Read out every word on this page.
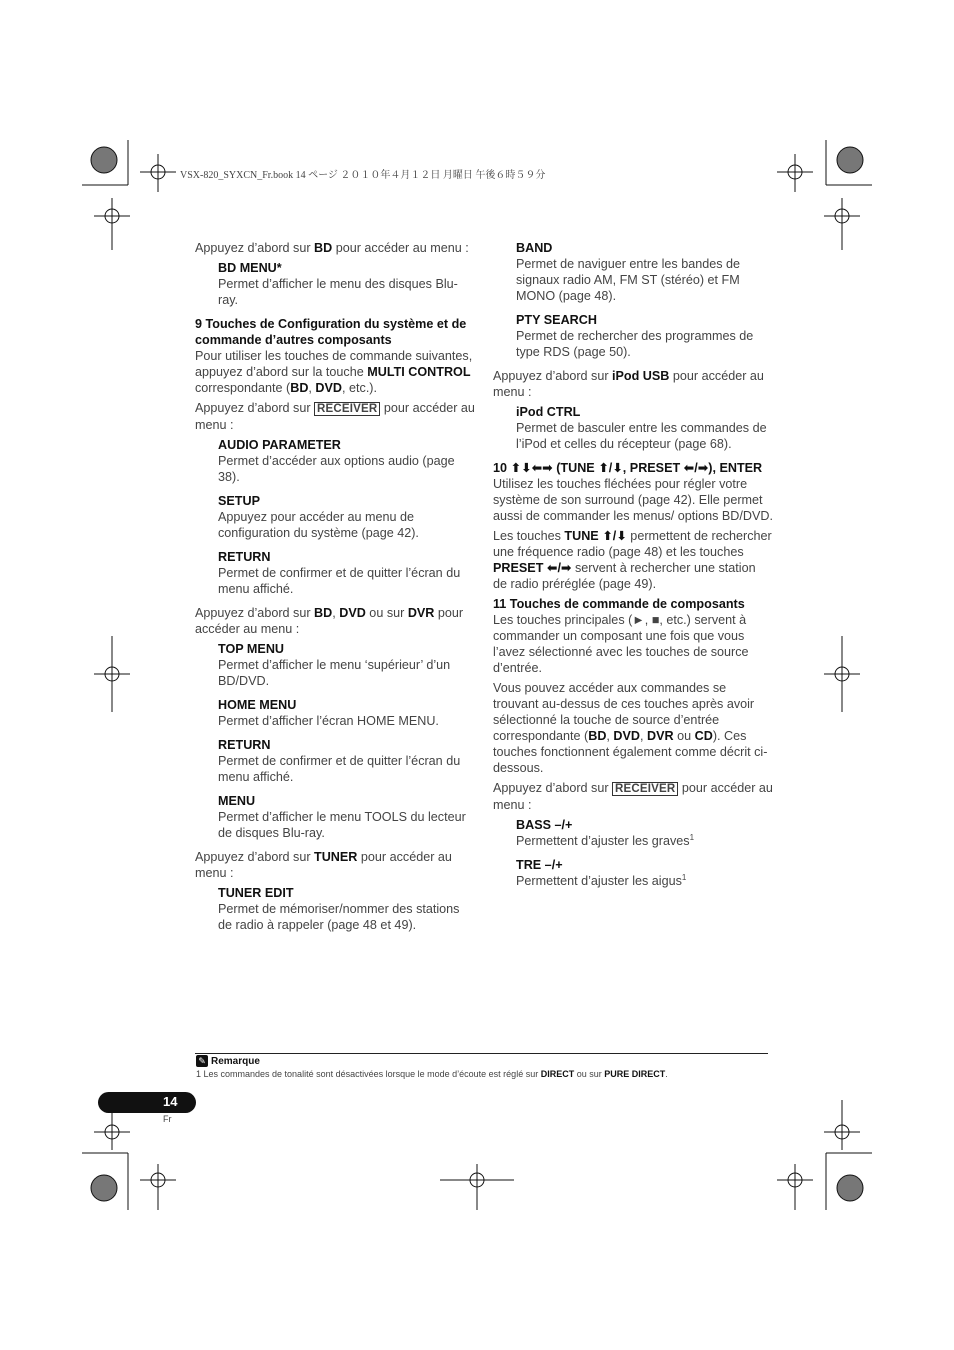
VSX-820_SYXCN_Fr.book 14 ページ ２０１０年４月１２日 月曜日 午後６時５９分

Appuyez d’abord sur BD pour accéder au menu :

BD MENU*
Permet d’afficher le menu des disques Blu-ray.

9 Touches de Configuration du système et de commande d’autres composants

Pour utiliser les touches de commande suivantes, appuyez d’abord sur la touche MULTI CONTROL correspondante (BD, DVD, etc.).

Appuyez d’abord sur RECEIVER pour accéder au menu :

AUDIO PARAMETER
Permet d’accéder aux options audio (page 38).
SETUP
Appuyez pour accéder au menu de configuration du système (page 42).
RETURN
Permet de confirmer et de quitter l’écran du menu affiché.

Appuyez d’abord sur BD, DVD ou sur DVR pour accéder au menu :

TOP MENU
Permet d’afficher le menu ‘supérieur’ d’un BD/DVD.
HOME MENU
Permet d’afficher l’écran HOME MENU.
RETURN
Permet de confirmer et de quitter l’écran du menu affiché.
MENU
Permet d’afficher le menu TOOLS du lecteur de disques Blu-ray.

Appuyez d’abord sur TUNER pour accéder au menu :

TUNER EDIT
Permet de mémoriser/nommer des stations de radio à rappeler (page 48 et 49).
BAND
Permet de naviguer entre les bandes de signaux radio AM, FM ST (stéréo) et FM MONO (page 48).
PTY SEARCH
Permet de rechercher des programmes de type RDS (page 50).

Appuyez d’abord sur iPod USB pour accéder au menu :

iPod CTRL
Permet de basculer entre les commandes de l’iPod et celles du récepteur (page 68).

10 ⬆⬇⬅➡ (TUNE ⬆/⬇, PRESET ⬅/➡), ENTER

Utilisez les touches fléchées pour régler votre système de son surround (page 42). Elle permet aussi de commander les menus/ options BD/DVD.

Les touches TUNE ⬆/⬇ permettent de rechercher une fréquence radio (page 48) et les touches PRESET ⬅/➡ servent à rechercher une station de radio préréglée (page 49).

11 Touches de commande de composants

Les touches principales (►, ■, etc.) servent à commander un composant une fois que vous l’avez sélectionné avec les touches de source d’entrée.

Vous pouvez accéder aux commandes se trouvant au-dessus de ces touches après avoir sélectionné la touche de source d’entrée correspondante (BD, DVD, DVR ou CD). Ces touches fonctionnent également comme décrit ci-dessous.

Appuyez d’abord sur RECEIVER pour accéder au menu :

BASS –/+
Permettent d’ajuster les graves$^1$
TRE –/+
Permettent d’ajuster les aigus$^1$
✎ Remarque
1 Les commandes de tonalité sont désactivées lorsque le mode d’écoute est réglé sur DIRECT ou sur PURE DIRECT.
14
Fr
